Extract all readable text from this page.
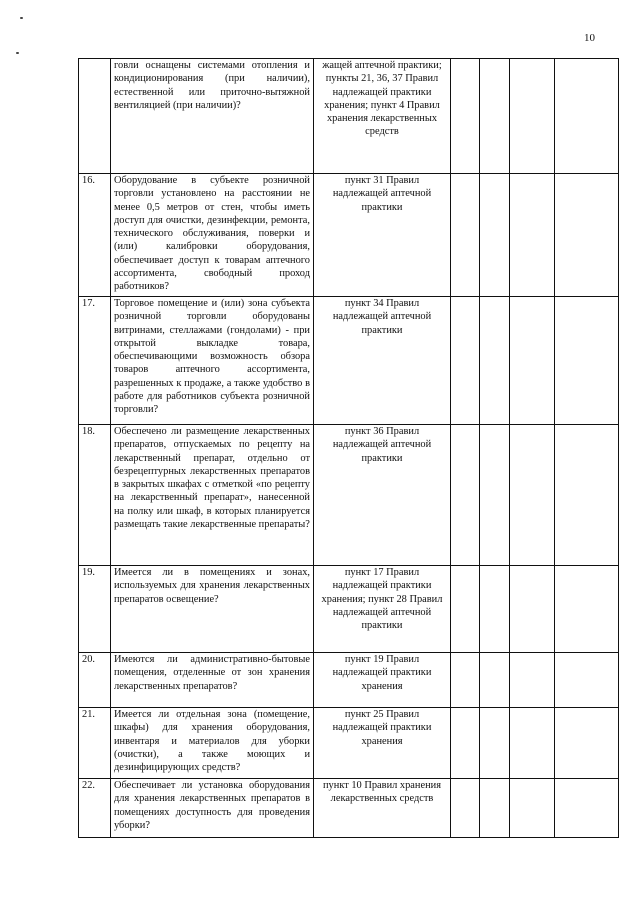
10
	говли оснащены системами отопления и кондиционирования (при наличии), естественной или приточно-вытяжной вентиляцией (при наличии)?	жащей аптечной практики; пункты 21, 36, 37 Правил надлежащей практики хранения; пункт 4 Правил хранения лекарственных средств				
16.	Оборудование в субъекте розничной торговли установлено на расстоянии не менее 0,5 метров от стен, чтобы иметь доступ для очистки, дезинфекции, ремонта, технического обслуживания, поверки и (или) калибровки оборудования, обеспечивает доступ к товарам аптечного ассортимента, свободный проход работников?	пункт 31 Правил надлежащей аптечной практики				
17.	Торговое помещение и (или) зона субъекта розничной торговли оборудованы витринами, стеллажами (гондолами) - при открытой выкладке товара, обеспечивающими возможность обзора товаров аптечного ассортимента, разрешенных к продаже, а также удобство в работе для работников субъекта розничной торговли?	пункт 34 Правил надлежащей аптечной практики				
18.	Обеспечено ли размещение лекарственных препаратов, отпускаемых по рецепту на лекарственный препарат, отдельно от безрецептурных лекарственных препаратов в закрытых шкафах с отметкой «по рецепту на лекарственный препарат», нанесенной на полку или шкаф, в которых планируется размещать такие лекарственные препараты?	пункт 36 Правил надлежащей аптечной практики				
19.	Имеется ли в помещениях и зонах, используемых для хранения лекарственных препаратов освещение?	пункт 17 Правил надлежащей практики хранения; пункт 28 Правил надлежащей аптечной практики				
20.	Имеются ли административно-бытовые помещения, отделенные от зон хранения лекарственных препаратов?	пункт 19 Правил надлежащей практики хранения				
21.	Имеется ли отдельная зона (помещение, шкафы) для хранения оборудования, инвентаря и материалов для уборки (очистки), а также моющих и дезинфицирующих средств?	пункт 25 Правил надлежащей практики хранения				
22.	Обеспечивает ли установка оборудования для хранения лекарственных препаратов в помещениях доступность для проведения уборки?	пункт 10 Правил хранения лекарственных средств				
